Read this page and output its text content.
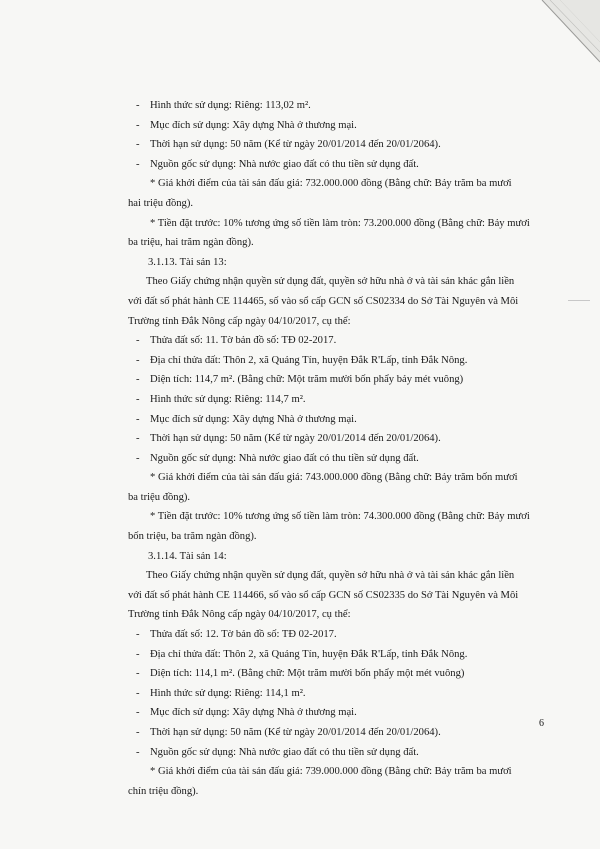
- Hình thức sử dụng: Riêng: 113,02 m².
- Mục đích sử dụng: Xây dựng Nhà ở thương mại.
- Thời hạn sử dụng: 50 năm (Kể từ ngày 20/01/2014 đến 20/01/2064).
- Nguồn gốc sử dụng: Nhà nước giao đất có thu tiền sử dụng đất.
* Giá khởi điểm của tài sản đấu giá: 732.000.000 đồng (Bằng chữ: Bảy trăm ba mươi
hai triệu đồng).
* Tiền đặt trước: 10% tương ứng số tiền làm tròn: 73.200.000 đồng (Bằng chữ: Bảy mươi
ba triệu, hai trăm ngàn đồng).
3.1.13. Tài sản 13:
Theo Giấy chứng nhận quyền sử dụng đất, quyền sở hữu nhà ở và tài sản khác gắn liền
với đất số phát hành CE 114465, số vào sổ cấp GCN số CS02334 do Sở Tài Nguyên và Môi
Trường tỉnh Đắk Nông cấp ngày 04/10/2017, cụ thể:
- Thửa đất số: 11. Tờ bản đồ số: TĐ 02-2017.
- Địa chỉ thửa đất: Thôn 2, xã Quảng Tín, huyện Đắk R'Lấp, tỉnh Đắk Nông.
- Diện tích: 114,7 m². (Bằng chữ: Một trăm mười bốn phẩy bảy mét vuông)
- Hình thức sử dụng: Riêng: 114,7 m².
- Mục đích sử dụng: Xây dựng Nhà ở thương mại.
- Thời hạn sử dụng: 50 năm (Kể từ ngày 20/01/2014 đến 20/01/2064).
- Nguồn gốc sử dụng: Nhà nước giao đất có thu tiền sử dụng đất.
* Giá khởi điểm của tài sản đấu giá: 743.000.000 đồng (Bằng chữ: Bảy trăm bốn mươi
ba triệu đồng).
* Tiền đặt trước: 10% tương ứng số tiền làm tròn: 74.300.000 đồng (Bằng chữ: Bảy mươi
bốn triệu, ba trăm ngàn đồng).
3.1.14. Tài sản 14:
Theo Giấy chứng nhận quyền sử dụng đất, quyền sở hữu nhà ở và tài sản khác gắn liền
với đất số phát hành CE 114466, số vào sổ cấp GCN số CS02335 do Sở Tài Nguyên và Môi
Trường tỉnh Đắk Nông cấp ngày 04/10/2017, cụ thể:
- Thửa đất số: 12. Tờ bản đồ số: TĐ 02-2017.
- Địa chỉ thửa đất: Thôn 2, xã Quảng Tín, huyện Đắk R'Lấp, tỉnh Đắk Nông.
- Diện tích: 114,1 m². (Bằng chữ: Một trăm mười bốn phẩy một mét vuông)
- Hình thức sử dụng: Riêng: 114,1 m².
- Mục đích sử dụng: Xây dựng Nhà ở thương mại.
- Thời hạn sử dụng: 50 năm (Kể từ ngày 20/01/2014 đến 20/01/2064).
- Nguồn gốc sử dụng: Nhà nước giao đất có thu tiền sử dụng đất.
* Giá khởi điểm của tài sản đấu giá: 739.000.000 đồng (Bằng chữ: Bảy trăm ba mươi
chín triệu đồng).
6
